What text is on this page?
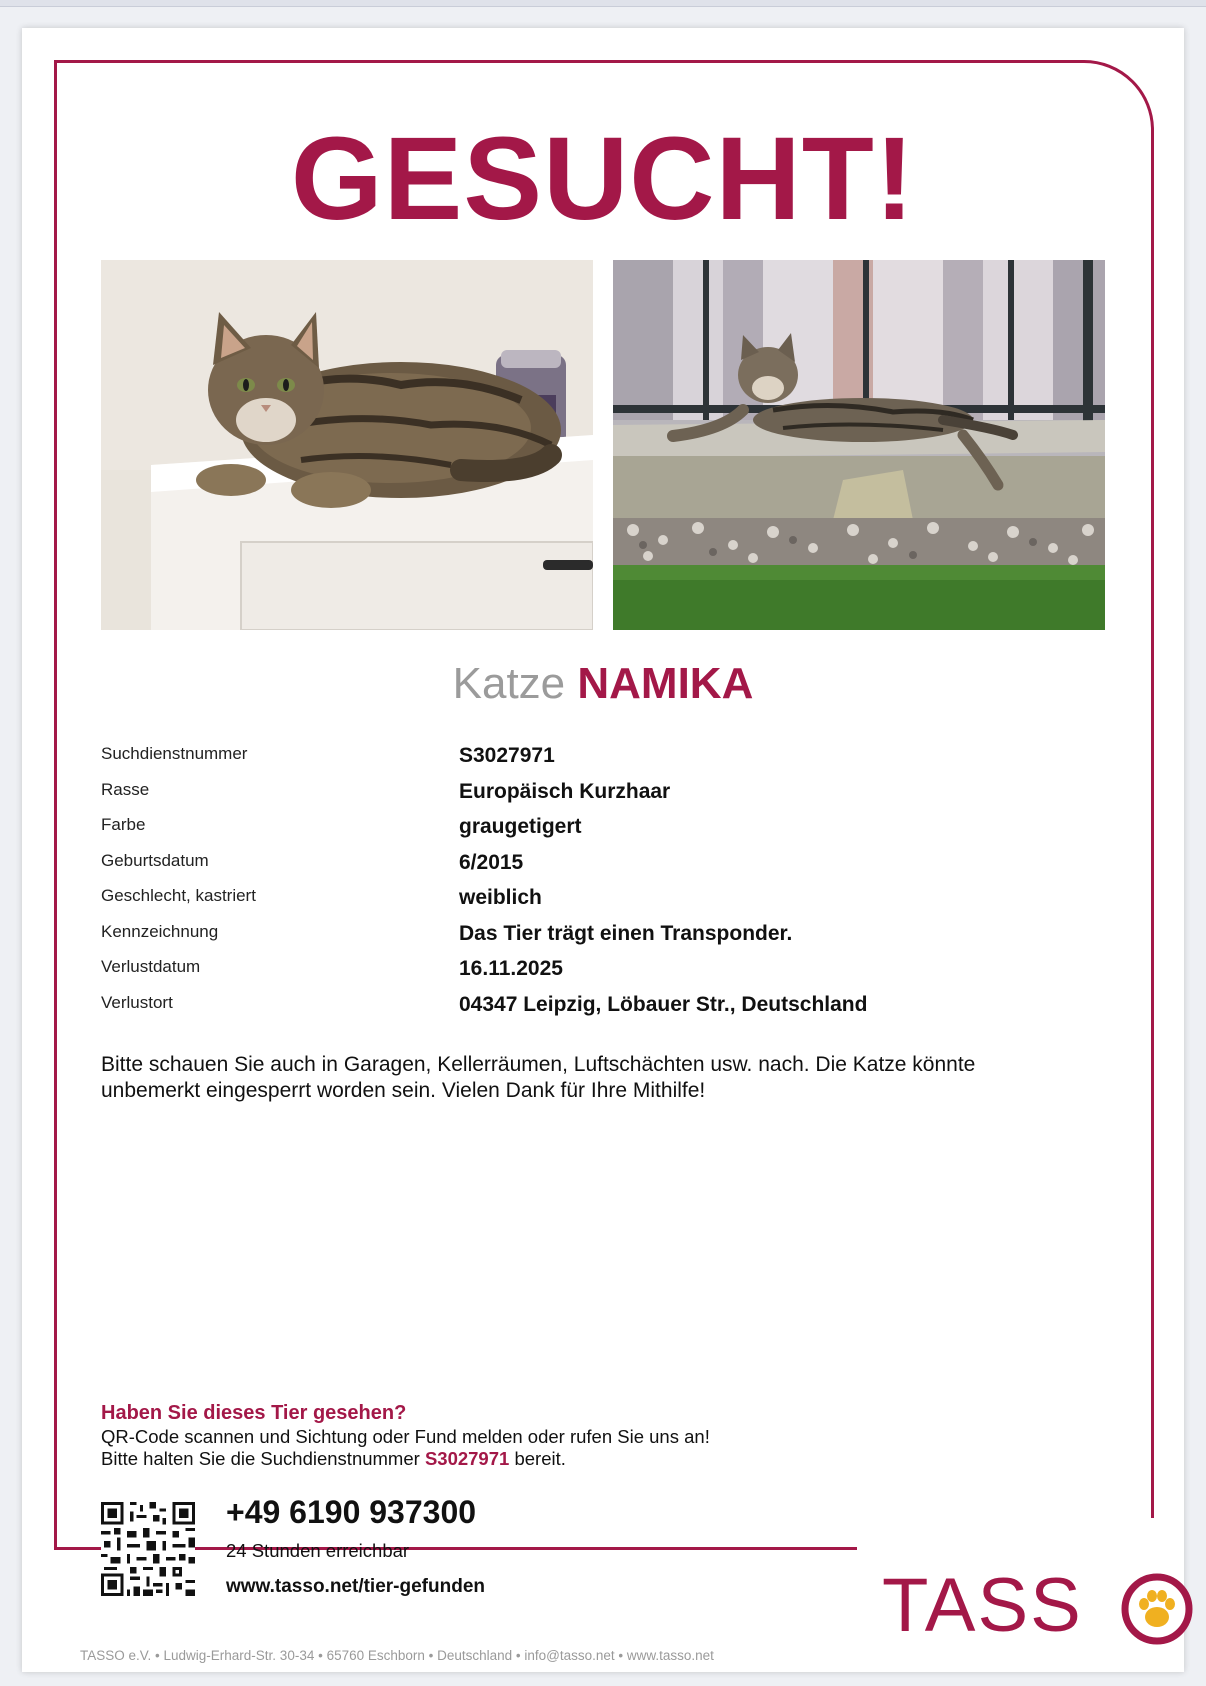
GESUCHT!
Katze NAMIKA
Suchdienstnummer	S3027971
Rasse	Europäisch Kurzhaar
Farbe	graugetigert
Geburtsdatum	6/2015
Geschlecht, kastriert	weiblich
Kennzeichnung	Das Tier trägt einen Transponder.
Verlustdatum	16.11.2025
Verlustort	04347 Leipzig, Löbauer Str., Deutschland
Bitte schauen Sie auch in Garagen, Kellerräumen, Luftschächten usw. nach. Die Katze könnte unbemerkt eingesperrt worden sein. Vielen Dank für Ihre Mithilfe!
Haben Sie dieses Tier gesehen?
QR-Code scannen und Sichtung oder Fund melden oder rufen Sie uns an!
Bitte halten Sie die Suchdienstnummer S3027971 bereit.
+49 6190 937300
24 Stunden erreichbar
www.tasso.net/tier-gefunden	TASS
TASSO e.V. • Ludwig-Erhard-Str. 30-34 • 65760 Eschborn • Deutschland • info@tasso.net • www.tasso.net
